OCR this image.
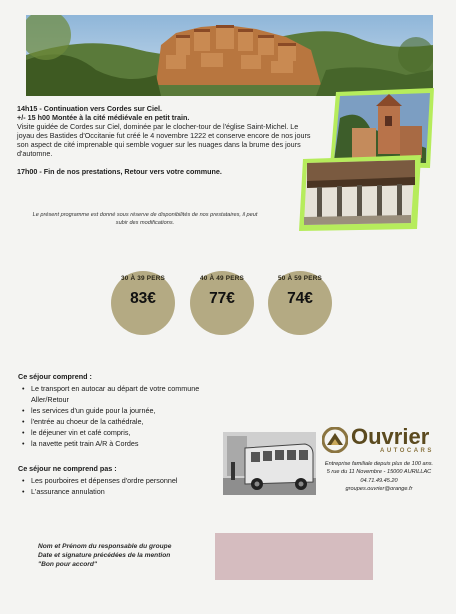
14h15 - Continuation vers Cordes sur Ciel.
+/- 15 h00 Montée à la cité médiévale en petit train.
Visite guidée de Cordes sur Ciel, dominée par le clocher-tour de l'église Saint-Michel. Le joyau des Bastides d'Occitanie fut créé le 4 novembre 1222 et conserve encore de nos jours son aspect de cité imprenable qui semble voguer sur les nuages dans la brume des jours d'automne.
17h00 - Fin de nos prestations, Retour vers votre commune.
Le présent programme est donné sous réserve de disponibilités de nos prestataires, il peut subir des modifications.
30 À 39 PERS
83€
40 À 49 PERS
77€
50 À 59 PERS
74€
Ce séjour comprend :
• Le transport en autocar au départ de votre commune Aller/Retour
• les services d'un guide pour la journée,
• l'entrée au choeur de la cathédrale,
• le déjeuner vin et café compris,
• la navette petit train A/R à Cordes
Ce séjour ne comprend pas :
• Les pourboires et dépenses d'ordre personnel
• L'assurance annulation
Ouvrier
AUTOCARS
Entreprise familiale depuis plus de 100 ans.
5 rue du 11 Novembre - 15000 AURILLAC
04.71.49.45.20
groupes.ouvrier@orange.fr
Nom et Prénom du responsable du groupe
Date et signature précédées de la mention
"Bon pour accord"
